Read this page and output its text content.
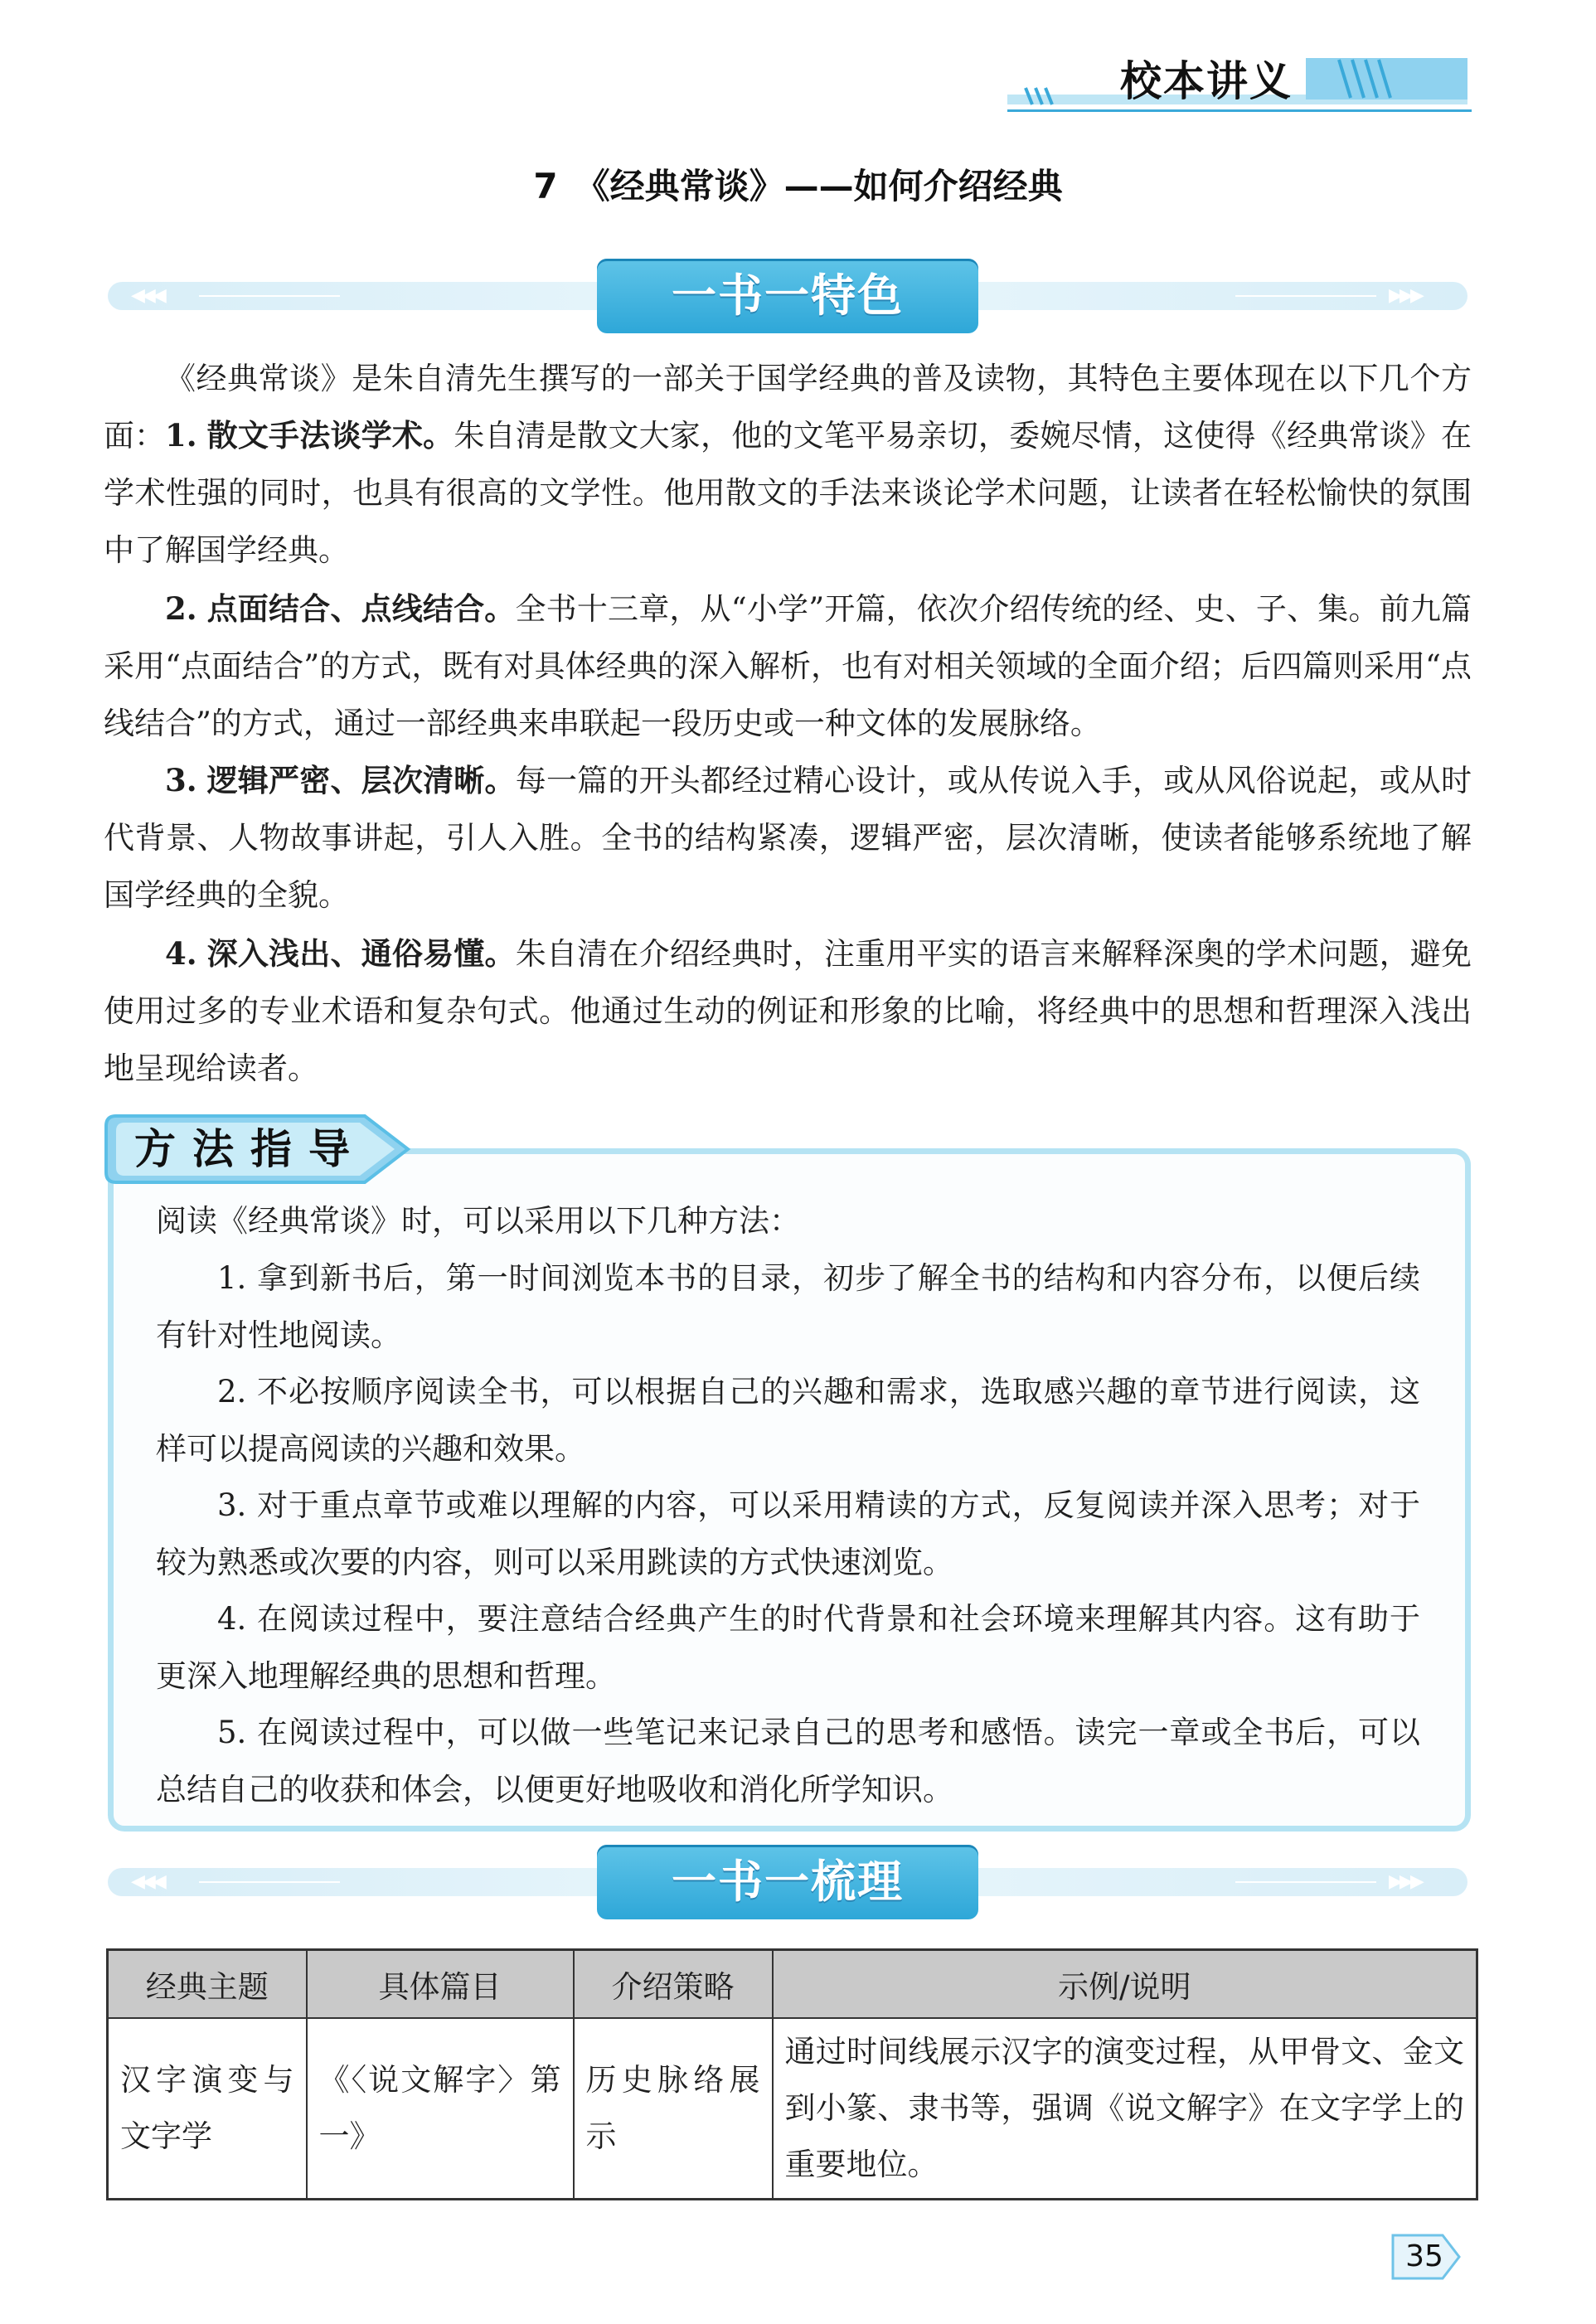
校本讲义
7　《经典常谈》——如何介绍经典
◀◀◀	▶▶▶
一书一特色
《经典常谈》是朱自清先生撰写的一部关于国学经典的普及读物，其特色主要体现在以下几个方面： 1. 散文手法谈学术。朱自清是散文大家，他的文笔平易亲切，委婉尽情，这使得《经典常谈》在学术性强的同时，也具有很高的文学性。他用散文的手法来谈论学术问题，让读者在轻松愉快的氛围中了解国学经典。
2. 点面结合、点线结合。全书十三章，从“小学”开篇，依次介绍传统的经、史、子、集。前九篇采用“点面结合”的方式，既有对具体经典的深入解析，也有对相关领域的全面介绍；后四篇则采用“点线结合”的方式，通过一部经典来串联起一段历史或一种文体的发展脉络。
3. 逻辑严密、层次清晰。每一篇的开头都经过精心设计，或从传说入手，或从风俗说起，或从时代背景、人物故事讲起，引人入胜。全书的结构紧凑，逻辑严密，层次清晰，使读者能够系统地了解国学经典的全貌。
4. 深入浅出、通俗易懂。朱自清在介绍经典时，注重用平实的语言来解释深奥的学术问题，避免使用过多的专业术语和复杂句式。他通过生动的例证和形象的比喻，将经典中的思想和哲理深入浅出地呈现给读者。
方法指导
阅读《经典常谈》时，可以采用以下几种方法：
1. 拿到新书后，第一时间浏览本书的目录，初步了解全书的结构和内容分布，以便后续有针对性地阅读。
2. 不必按顺序阅读全书，可以根据自己的兴趣和需求，选取感兴趣的章节进行阅读，这样可以提高阅读的兴趣和效果。
3. 对于重点章节或难以理解的内容，可以采用精读的方式，反复阅读并深入思考；对于较为熟悉或次要的内容，则可以采用跳读的方式快速浏览。
4. 在阅读过程中，要注意结合经典产生的时代背景和社会环境来理解其内容。这有助于更深入地理解经典的思想和哲理。
5. 在阅读过程中，可以做一些笔记来记录自己的思考和感悟。读完一章或全书后，可以总结自己的收获和体会，以便更好地吸收和消化所学知识。
◀◀◀	▶▶▶
一书一梳理
经典主题	具体篇目	介绍策略	示例/说明
汉字演变与文字学	《〈说文解字〉第一》	历史脉络展示	通过时间线展示汉字的演变过程，从甲骨文、金文到小篆、隶书等，强调《说文解字》在文字学上的重要地位。
35
